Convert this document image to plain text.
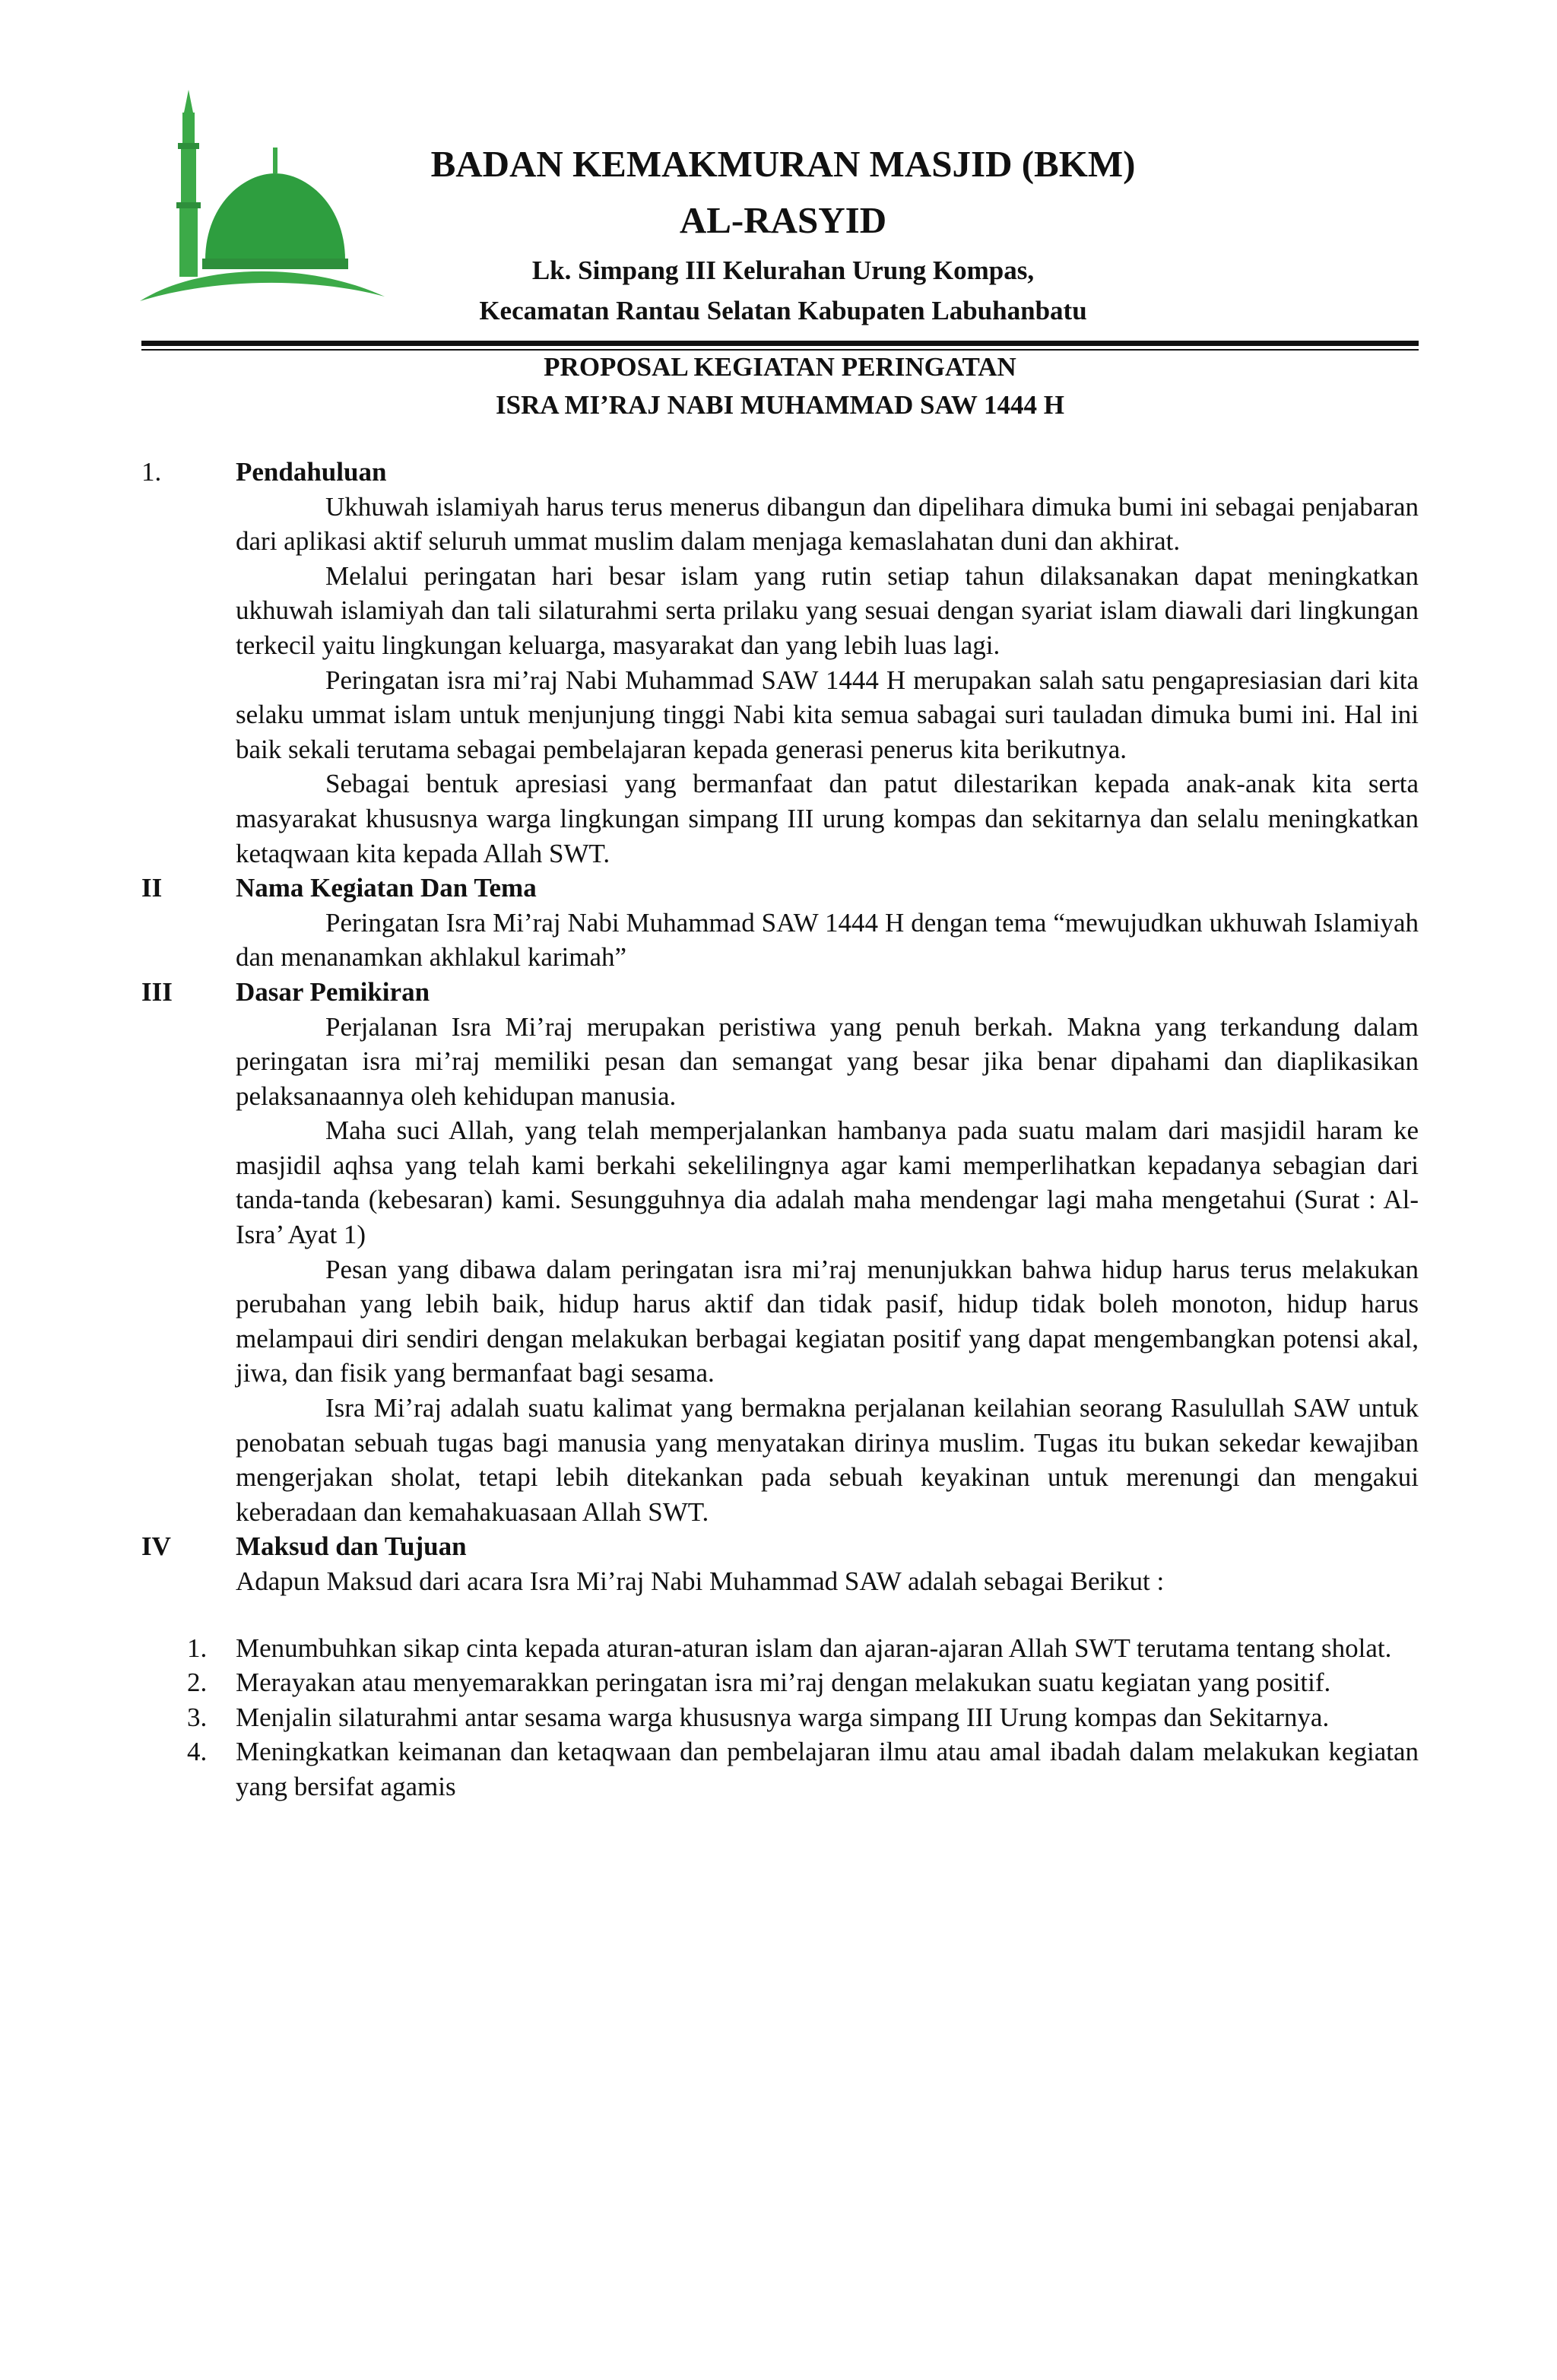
BADAN KEMAKMURAN MASJID (BKM)
AL-RASYID
Lk. Simpang III Kelurahan Urung Kompas,
Kecamatan Rantau Selatan Kabupaten Labuhanbatu
PROPOSAL KEGIATAN PERINGATAN
ISRA MI’RAJ NABI MUHAMMAD SAW 1444 H
1.	Pendahuluan

Ukhuwah islamiyah harus terus menerus dibangun dan dipelihara dimuka bumi ini sebagai penjabaran dari aplikasi aktif seluruh ummat muslim dalam menjaga kemaslahatan duni dan akhirat.

Melalui peringatan hari besar islam yang rutin setiap tahun dilaksanakan dapat meningkatkan ukhuwah islamiyah dan tali silaturahmi serta prilaku yang sesuai dengan syariat islam diawali dari lingkungan terkecil yaitu lingkungan keluarga, masyarakat dan yang lebih luas lagi.

Peringatan isra mi’raj Nabi Muhammad SAW 1444 H merupakan salah satu pengapresiasian dari kita selaku ummat islam untuk menjunjung tinggi Nabi kita semua sabagai suri tauladan dimuka bumi ini. Hal ini baik sekali terutama sebagai pembelajaran kepada generasi penerus kita berikutnya.

Sebagai bentuk apresiasi yang bermanfaat dan patut dilestarikan kepada anak-anak kita serta masyarakat khususnya warga lingkungan simpang III urung kompas dan sekitarnya dan selalu meningkatkan ketaqwaan kita kepada Allah SWT.

II	Nama Kegiatan Dan Tema

Peringatan Isra Mi’raj Nabi Muhammad SAW 1444 H dengan tema “mewujudkan ukhuwah Islamiyah dan menanamkan akhlakul karimah”

III Dasar Pemikiran

Perjalanan Isra Mi’raj merupakan peristiwa yang penuh berkah. Makna yang terkandung dalam peringatan isra mi’raj memiliki pesan dan semangat yang besar jika benar dipahami dan diaplikasikan pelaksanaannya oleh kehidupan manusia.

Maha suci Allah, yang telah memperjalankan hambanya pada suatu malam dari masjidil haram ke masjidil aqhsa yang telah kami berkahi sekelilingnya agar kami memperlihatkan kepadanya sebagian dari tanda-tanda (kebesaran) kami. Sesungguhnya dia adalah maha mendengar lagi maha mengetahui (Surat : Al-Isra’ Ayat 1)

Pesan yang dibawa dalam peringatan isra mi’raj menunjukkan bahwa hidup harus terus melakukan perubahan yang lebih baik, hidup harus aktif dan tidak pasif, hidup tidak boleh monoton, hidup harus melampaui diri sendiri dengan melakukan berbagai kegiatan positif yang dapat mengembangkan potensi akal, jiwa, dan fisik yang bermanfaat bagi sesama.

Isra Mi’raj adalah suatu kalimat yang bermakna perjalanan keilahian seorang Rasulullah SAW untuk penobatan sebuah tugas bagi manusia yang menyatakan dirinya muslim. Tugas itu bukan sekedar kewajiban mengerjakan sholat, tetapi lebih ditekankan pada sebuah keyakinan untuk merenungi dan mengakui keberadaan dan kemahakuasaan Allah SWT.

IV Maksud dan Tujuan

Adapun Maksud dari acara Isra Mi’raj Nabi Muhammad SAW adalah sebagai Berikut :

1. Menumbuhkan sikap cinta kepada aturan-aturan islam dan ajaran-ajaran Allah SWT terutama tentang sholat.
2. Merayakan atau menyemarakkan peringatan isra mi’raj dengan melakukan suatu kegiatan yang positif.
3. Menjalin silaturahmi antar sesama warga khususnya warga simpang III Urung kompas dan Sekitarnya.
4. Meningkatkan keimanan dan ketaqwaan dan pembelajaran ilmu atau amal ibadah dalam melakukan kegiatan yang bersifat agamis
